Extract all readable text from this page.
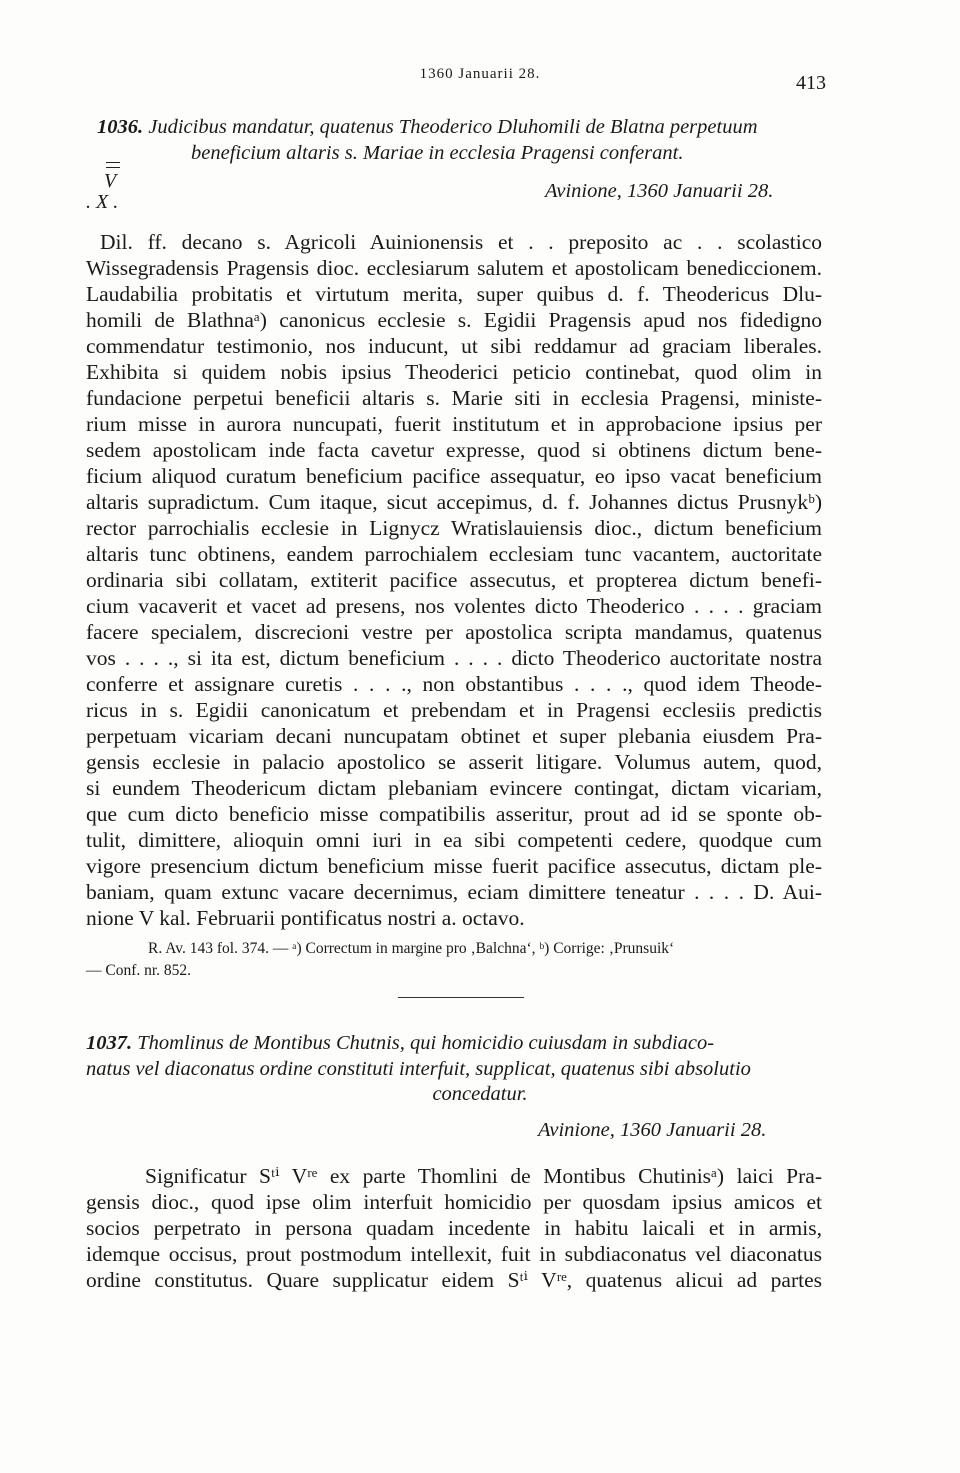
1360 Januarii 28.	413
1036. Judicibus mandatur, quatenus Theoderico Dluhomili de Blatna perpetuum
beneficium altaris s. Mariae in ecclesia Pragensi conferant.
V
. X .	Avinione, 1360 Januarii 28.
Dil. ff. decano s. Agricoli Auinionensis et . . preposito ac . . scolastico
Wissegradensis Pragensis dioc. ecclesiarum salutem et apostolicam benediccionem.
Laudabilia probitatis et virtutum merita, super quibus d. f. Theodericus Dlu-
homili de Blathnaᵃ) canonicus ecclesie s. Egidii Pragensis apud nos fidedigno
commendatur testimonio, nos inducunt, ut sibi reddamur ad graciam liberales.
Exhibita si quidem nobis ipsius Theoderici peticio continebat, quod olim in
fundacione perpetui beneficii altaris s. Marie siti in ecclesia Pragensi, ministe-
rium misse in aurora nuncupati, fuerit institutum et in approbacione ipsius per
sedem apostolicam inde facta cavetur expresse, quod si obtinens dictum bene-
ficium aliquod curatum beneficium pacifice assequatur, eo ipso vacat beneficium
altaris supradictum. Cum itaque, sicut accepimus, d. f. Johannes dictus Prusnykᵇ)
rector parrochialis ecclesie in Lignycz Wratislauiensis dioc., dictum beneficium
altaris tunc obtinens, eandem parrochialem ecclesiam tunc vacantem, auctoritate
ordinaria sibi collatam, extiterit pacifice assecutus, et propterea dictum benefi-
cium vacaverit et vacet ad presens, nos volentes dicto Theoderico . . . . graciam
facere specialem, discrecioni vestre per apostolica scripta mandamus, quatenus
vos . . . ., si ita est, dictum beneficium . . . . dicto Theoderico auctoritate nostra
conferre et assignare curetis . . . ., non obstantibus . . . ., quod idem Theode-
ricus in s. Egidii canonicatum et prebendam et in Pragensi ecclesiis predictis
perpetuam vicariam decani nuncupatam obtinet et super plebania eiusdem Pra-
gensis ecclesie in palacio apostolico se asserit litigare. Volumus autem, quod,
si eundem Theodericum dictam plebaniam evincere contingat, dictam vicariam,
que cum dicto beneficio misse compatibilis asseritur, prout ad id se sponte ob-
tulit, dimittere, alioquin omni iuri in ea sibi competenti cedere, quodque cum
vigore presencium dictum beneficium misse fuerit pacifice assecutus, dictam ple-
baniam, quam extunc vacare decernimus, eciam dimittere teneatur . . . . D. Aui-
nione V kal. Februarii pontificatus nostri a. octavo.
R. Av. 143 fol. 374. — ᵃ) Correctum in margine pro ‚Balchna‘, ᵇ) Corrige: ‚Prunsuik‘
— Conf. nr. 852.
1037. Thomlinus de Montibus Chutnis, qui homicidio cuiusdam in subdiaco-
natus vel diaconatus ordine constituti interfuit, supplicat, quatenus sibi absolutio
concedatur.
Avinione, 1360 Januarii 28.
Significatur Sᵗⁱ Vʳᵉ ex parte Thomlini de Montibus Chutinisᵃ) laici Pra-
gensis dioc., quod ipse olim interfuit homicidio per quosdam ipsius amicos et
socios perpetrato in persona quadam incedente in habitu laicali et in armis,
idemque occisus, prout postmodum intellexit, fuit in subdiaconatus vel diaconatus
ordine constitutus. Quare supplicatur eidem Sᵗⁱ Vʳᵉ, quatenus alicui ad partes
